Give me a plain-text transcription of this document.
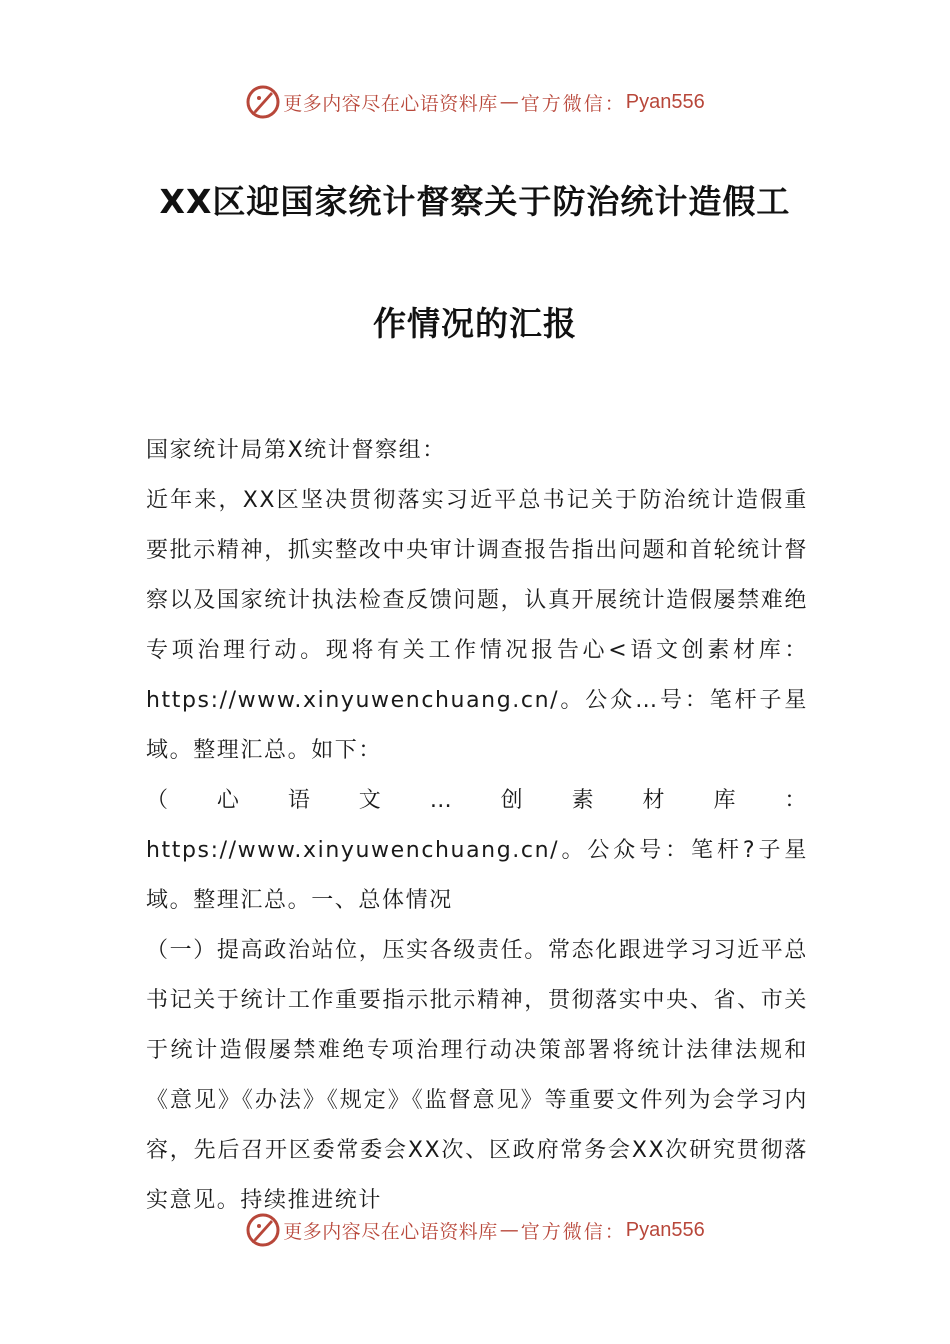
更多内容尽在心语资料库 — 官方微信： Pyan556
XX区迎国家统计督察关于防治统计造假工
作情况的汇报

国家统计局第X统计督察组：

近年来，XX区坚决贯彻落实习近平总书记关于防治统计造假重要批示精神，抓实整改中央审计调查报告指出问题和首轮统计督察以及国家统计执法检查反馈问题，认真开展统计造假屡禁难绝专项治理行动。现将有关工作情况报告心<语文创素材库：https://www.xinyuwenchuang.cn/。公众…号：笔杆子星域。整理汇总。如下：

（心语文…创素材库：https://www.xinyuwenchuang.cn/。公众号：笔杆?子星域。整理汇总。一、总体情况

（一）提高政治站位，压实各级责任。常态化跟进学习习近平总书记关于统计工作重要指示批示精神，贯彻落实中央、省、市关于统计造假屡禁难绝专项治理行动决策部署将统计法律法规和《意见》《办法》《规定》《监督意见》等重要文件列为会学习内容，先后召开区委常委会XX次、区政府常务会XX次研究贯彻落实意见。持续推进统计

更多内容尽在心语资料库 — 官方微信： Pyan556
